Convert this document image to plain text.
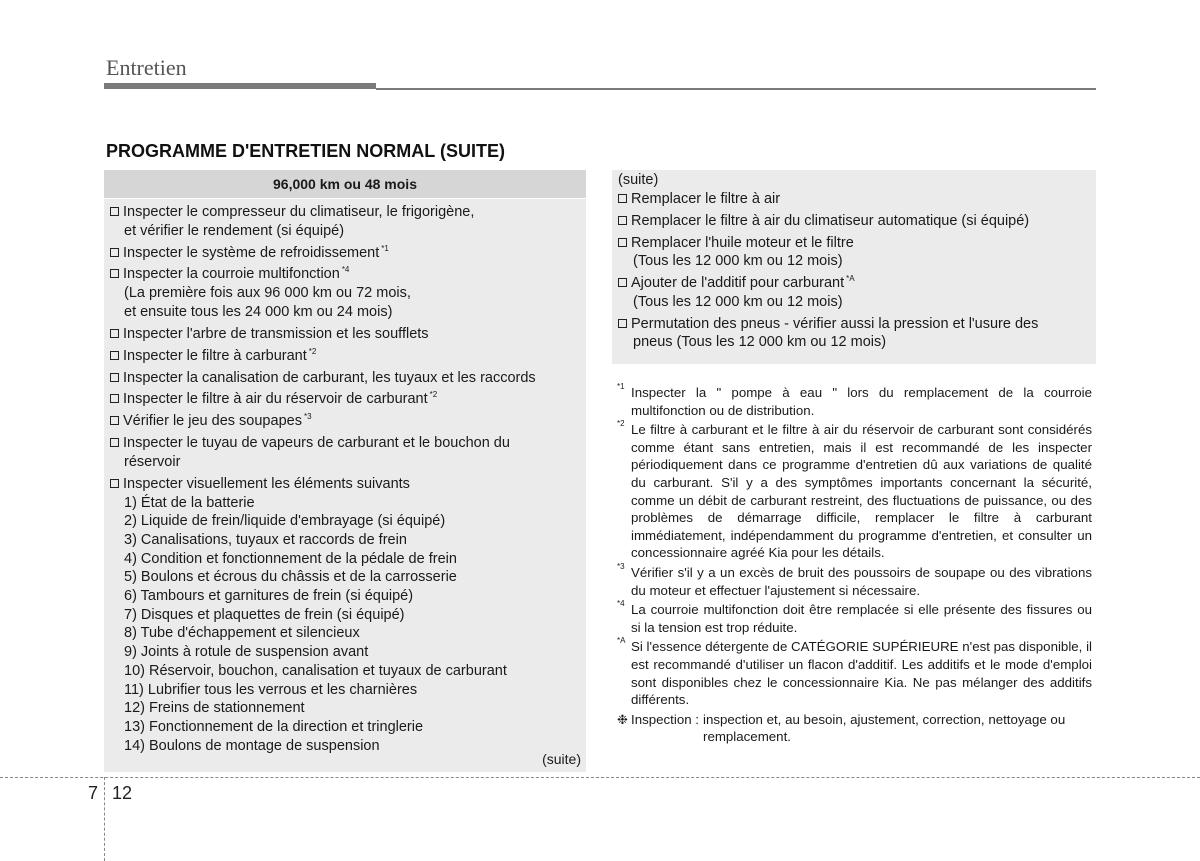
Entretien
PROGRAMME D'ENTRETIEN NORMAL (SUITE)
96,000 km ou 48 mois
Inspecter le compresseur du climatiseur, le frigorigène,
et vérifier le rendement (si équipé)
Inspecter le système de refroidissement $^{*1}$
Inspecter la courroie multifonction $^{*4}$
(La première fois aux 96 000 km ou 72 mois,
et ensuite tous les 24 000 km ou 24 mois)
Inspecter l'arbre de transmission et les soufflets
Inspecter le filtre à carburant $^{*2}$
Inspecter la canalisation de carburant, les tuyaux et les raccords
Inspecter le filtre à air du réservoir de carburant $^{*2}$
Vérifier le jeu des soupapes $^{*3}$
Inspecter le tuyau de vapeurs de carburant et le bouchon du
réservoir
Inspecter visuellement les éléments suivants
1) État de la batterie
2) Liquide de frein/liquide d'embrayage (si équipé)
3) Canalisations, tuyaux et raccords de frein
4) Condition et fonctionnement de la pédale de frein
5) Boulons et écrous du châssis et de la carrosserie
6) Tambours et garnitures de frein (si équipé)
7) Disques et plaquettes de frein (si équipé)
8) Tube d'échappement et silencieux
9) Joints à rotule de suspension avant
10) Réservoir, bouchon, canalisation et tuyaux de carburant
11) Lubrifier tous les verrous et les charnières
12) Freins de stationnement
13) Fonctionnement de la direction et tringlerie
14) Boulons de montage de suspension
(suite)
(suite)
Remplacer le filtre à air
Remplacer le filtre à air du climatiseur automatique (si équipé)
Remplacer l'huile moteur et le filtre
(Tous les 12 000 km ou 12 mois)
Ajouter de l'additif pour carburant $^{*A}$
(Tous les 12 000 km ou 12 mois)
Permutation des pneus - vérifier aussi la pression et l'usure des
pneus (Tous les 12 000 km ou 12 mois)
$^{*1}$ Inspecter la " pompe à eau " lors du remplacement de la courroie multifonction ou de distribution.
$^{*2}$ Le filtre à carburant et le filtre à air du réservoir de carburant sont considérés comme étant sans entretien, mais il est recommandé de les inspecter périodiquement dans ce programme d'entretien dû aux variations de qualité du carburant. S'il y a des symptômes importants concernant la sécurité, comme un débit de carburant restreint, des fluctuations de puissance, ou des problèmes de démarrage difficile, remplacer le filtre à carburant immédiatement, indépendamment du programme d'entretien, et consulter un concessionnaire agréé Kia pour les détails.
$^{*3}$ Vérifier s'il y a un excès de bruit des poussoirs de soupape ou des vibrations du moteur et effectuer l'ajustement si nécessaire.
$^{*4}$ La courroie multifonction doit être remplacée si elle présente des fissures ou si la tension est trop réduite.
$^{*A}$ Si l'essence détergente de CATÉGORIE SUPÉRIEURE n'est pas disponible, il est recommandé d'utiliser un flacon d'additif. Les additifs et le mode d'emploi sont disponibles chez le concessionnaire Kia. Ne pas mélanger des additifs différents.
❉ Inspection : inspection et, au besoin, ajustement, correction, nettoyage ou remplacement.
7 12
